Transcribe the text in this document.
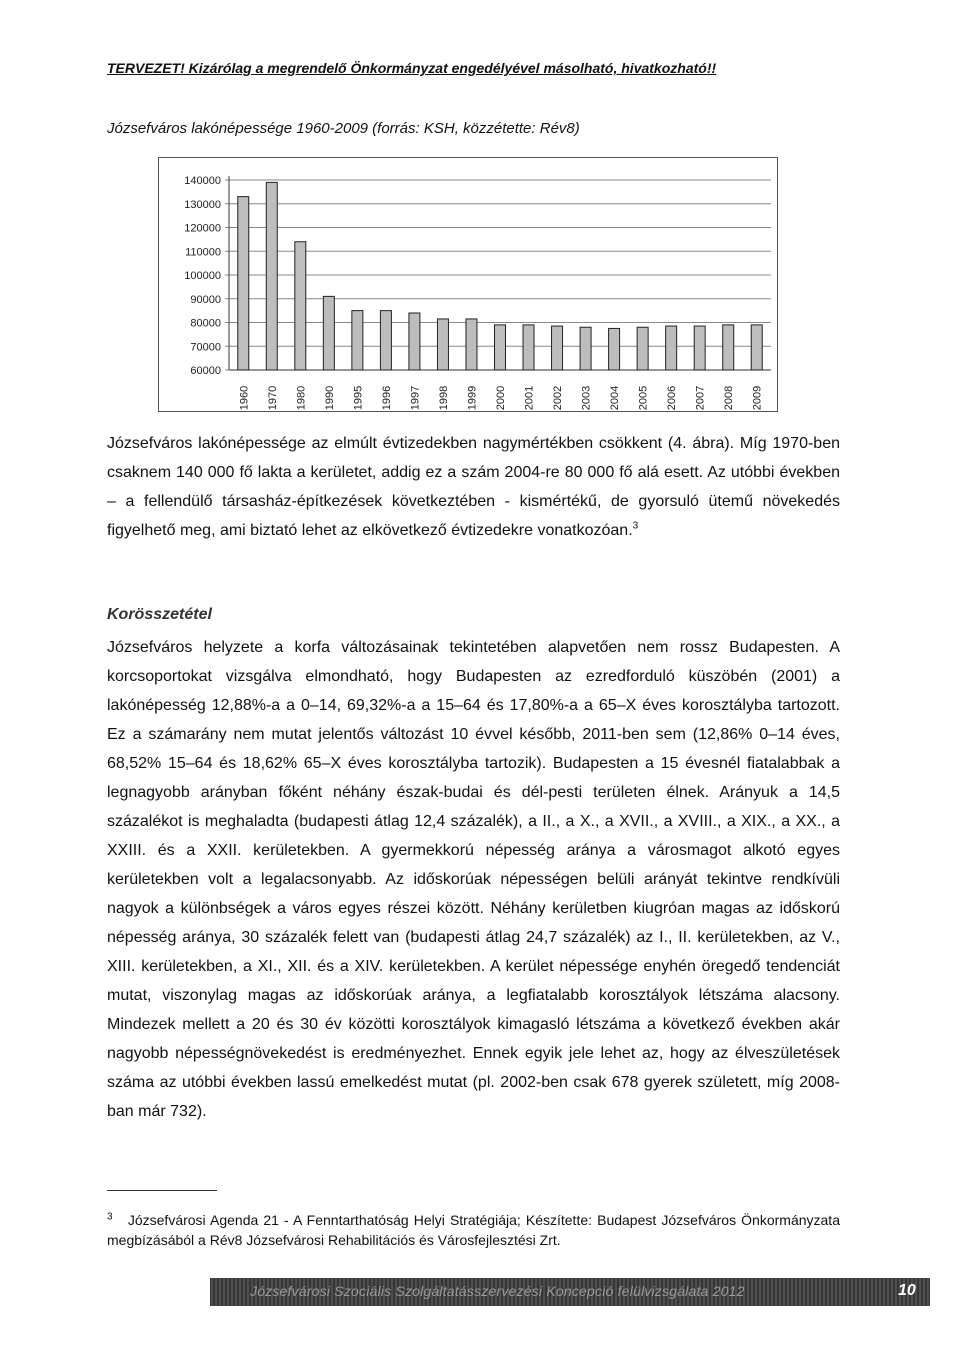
TERVEZET! Kizárólag a megrendelő Önkormányzat engedélyével másolható, hivatkozható!!
Józsefváros lakónépessége 1960-2009 (forrás: KSH, közzétette: Rév8)
60000
70000
80000
90000
100000
110000
120000
130000
140000
1960 1970 1980 1990 1995 1996 1997 1998 1999 2000 2001 2002 2003 2004 2005 2006 2007 2008 2009
Józsefváros lakónépessége az elmúlt évtizedekben nagymértékben csökkent (4. ábra). Míg 1970-ben csaknem 140 000 fő lakta a kerületet, addig ez a szám 2004-re 80 000 fő alá esett. Az utóbbi években – a fellendülő társasház-építkezések következtében - kismértékű, de gyorsuló ütemű növekedés figyelhető meg, ami biztató lehet az elkövetkező évtizedekre vonatkozóan.$^3$
Korösszetétel
Józsefváros helyzete a korfa változásainak tekintetében alapvetően nem rossz Budapesten. A korcsoportokat vizsgálva elmondható, hogy Budapesten az ezredforduló küszöbén (2001) a lakónépesség 12,88%-a a 0–14, 69,32%-a a 15–64 és 17,80%-a a 65–X éves korosztályba tartozott. Ez a számarány nem mutat jelentős változást 10 évvel később, 2011-ben sem (12,86% 0–14 éves, 68,52% 15–64 és 18,62% 65–X éves korosztályba tartozik). Budapesten a 15 évesnél fiatalabbak a legnagyobb arányban főként néhány észak-budai és dél-pesti területen élnek. Arányuk a 14,5 százalékot is meghaladta (budapesti átlag 12,4 százalék), a II., a X., a XVII., a XVIII., a XIX., a XX., a XXIII. és a XXII. kerületekben. A gyermekkorú népesség aránya a városmagot alkotó egyes kerületekben volt a legalacsonyabb. Az időskorúak népességen belüli arányát tekintve rendkívüli nagyok a különbségek a város egyes részei között. Néhány kerületben kiugróan magas az időskorú népesség aránya, 30 százalék felett van (budapesti átlag 24,7 százalék) az I., II. kerületekben, az V., XIII. kerületekben, a XI., XII. és a XIV. kerületekben. A kerület népessége enyhén öregedő tendenciát mutat, viszonylag magas az időskorúak aránya, a legfiatalabb korosztályok létszáma alacsony. Mindezek mellett a 20 és 30 év közötti korosztályok kimagasló létszáma a következő években akár nagyobb népességnövekedést is eredményezhet. Ennek egyik jele lehet az, hogy az élveszületések száma az utóbbi években lassú emelkedést mutat (pl. 2002-ben csak 678 gyerek született, míg 2008-ban már 732).
$^3$ Józsefvárosi Agenda 21 - A Fenntarthatóság Helyi Stratégiája; Készítette: Budapest Józsefváros Önkormányzata megbízásából a Rév8 Józsefvárosi Rehabilitációs és Városfejlesztési Zrt.
Józsefvárosi Szociális Szolgáltatásszervezési Koncepció felülvizsgálata 2012	10
